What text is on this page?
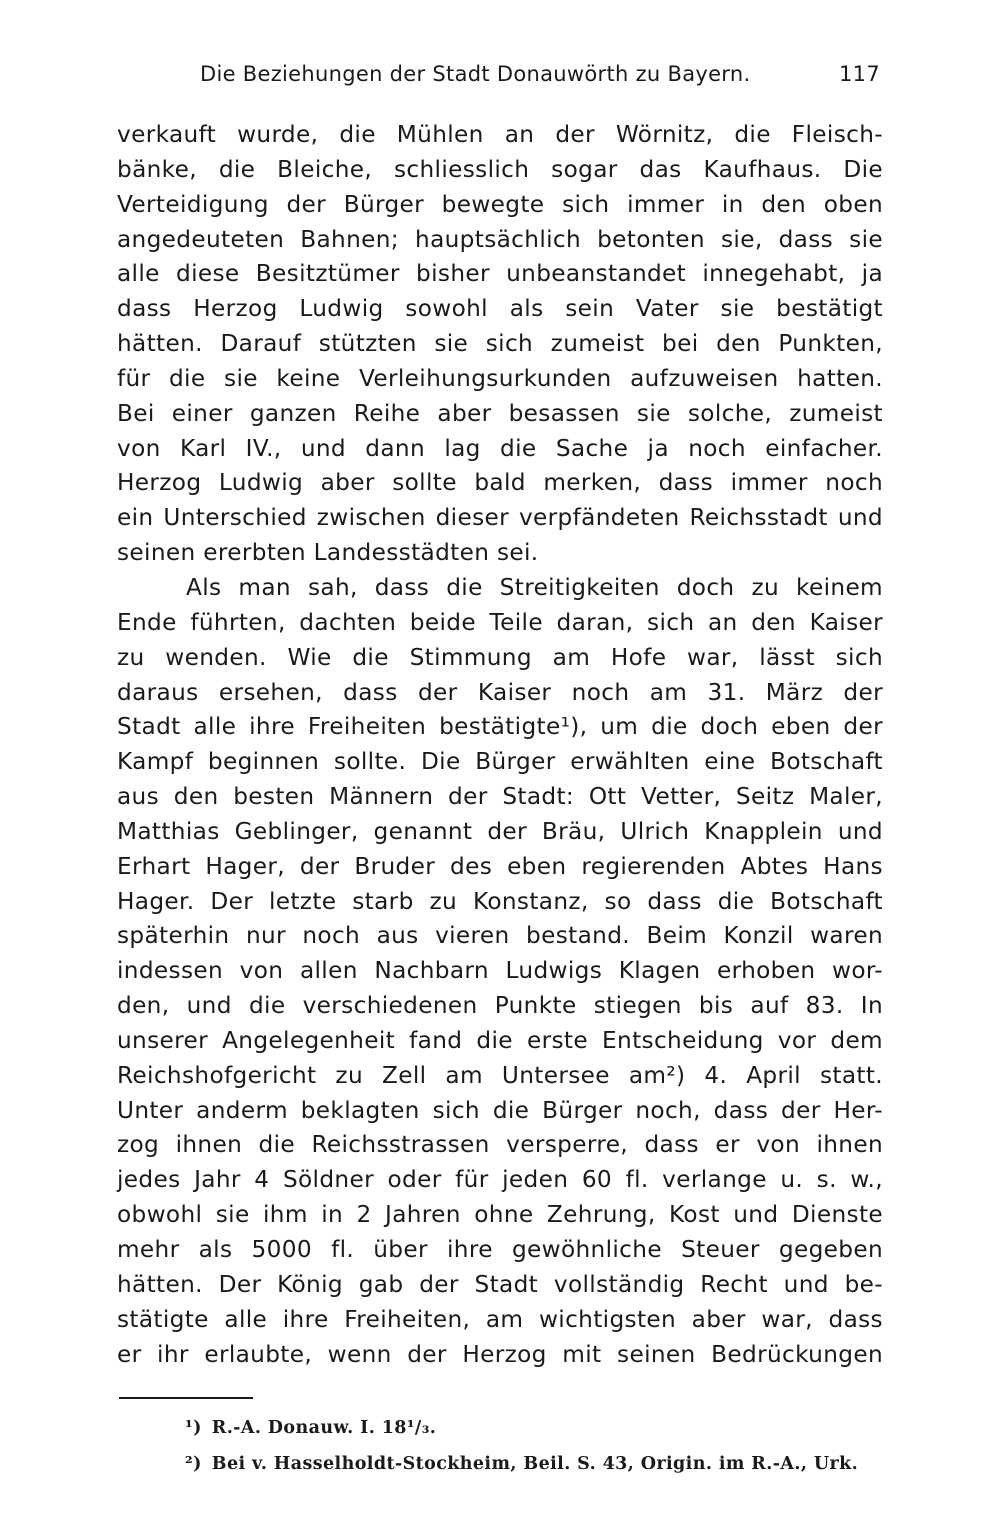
Die Beziehungen der Stadt Donauwörth zu Bayern.	117
verkauft wurde, die Mühlen an der Wörnitz, die Fleisch-
bänke, die Bleiche, schliesslich sogar das Kaufhaus. Die
Verteidigung der Bürger bewegte sich immer in den oben
angedeuteten Bahnen; hauptsächlich betonten sie, dass sie
alle diese Besitztümer bisher unbeanstandet innegehabt, ja
dass Herzog Ludwig sowohl als sein Vater sie bestätigt
hätten. Darauf stützten sie sich zumeist bei den Punkten,
für die sie keine Verleihungsurkunden aufzuweisen hatten.
Bei einer ganzen Reihe aber besassen sie solche, zumeist
von Karl IV., und dann lag die Sache ja noch einfacher.
Herzog Ludwig aber sollte bald merken, dass immer noch
ein Unterschied zwischen dieser verpfändeten Reichsstadt und
seinen ererbten Landesstädten sei.
Als man sah, dass die Streitigkeiten doch zu keinem
Ende führten, dachten beide Teile daran, sich an den Kaiser
zu wenden. Wie die Stimmung am Hofe war, lässt sich
daraus ersehen, dass der Kaiser noch am 31. März der
Stadt alle ihre Freiheiten bestätigte¹), um die doch eben der
Kampf beginnen sollte. Die Bürger erwählten eine Botschaft
aus den besten Männern der Stadt: Ott Vetter, Seitz Maler,
Matthias Geblinger, genannt der Bräu, Ulrich Knapplein und
Erhart Hager, der Bruder des eben regierenden Abtes Hans
Hager. Der letzte starb zu Konstanz, so dass die Botschaft
späterhin nur noch aus vieren bestand. Beim Konzil waren
indessen von allen Nachbarn Ludwigs Klagen erhoben wor-
den, und die verschiedenen Punkte stiegen bis auf 83. In
unserer Angelegenheit fand die erste Entscheidung vor dem
Reichshofgericht zu Zell am Untersee am²) 4. April statt.
Unter anderm beklagten sich die Bürger noch, dass der Her-
zog ihnen die Reichsstrassen versperre, dass er von ihnen
jedes Jahr 4 Söldner oder für jeden 60 fl. verlange u. s. w.,
obwohl sie ihm in 2 Jahren ohne Zehrung, Kost und Dienste
mehr als 5000 fl. über ihre gewöhnliche Steuer gegeben
hätten. Der König gab der Stadt vollständig Recht und be-
stätigte alle ihre Freiheiten, am wichtigsten aber war, dass
er ihr erlaubte, wenn der Herzog mit seinen Bedrückungen
¹) R.-A. Donauw. I. 18¹/₃.
²) Bei v. Hasselholdt-Stockheim, Beil. S. 43, Origin. im R.-A., Urk.
